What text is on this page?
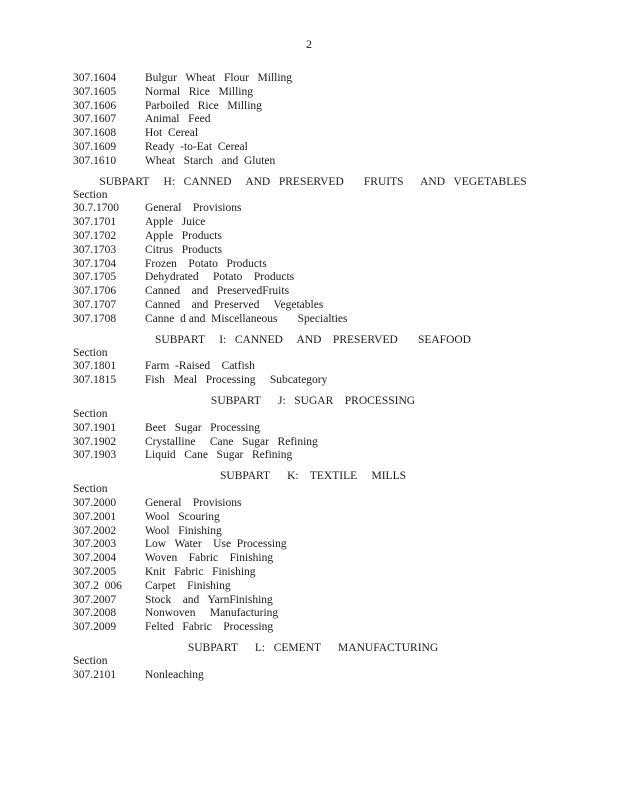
2
307.1604	Bulgur   Wheat   Flour   Milling
307.1605	Normal   Rice   Milling
307.1606	Parboiled   Rice   Milling
307.1607	Animal   Feed
307.1608	Hot  Cereal
307.1609	Ready  -to-Eat  Cereal
307.1610	Wheat   Starch   and  Gluten
SUBPART     H:   CANNED     AND   PRESERVED       FRUITS      AND   VEGETABLES
Section
30.7.1700 General    Provisions
307.1701	Apple   Juice
307.1702	Apple   Products
307.1703	Citrus   Products
307.1704	Frozen    Potato   Products
307.1705	Dehydrated     Potato    Products
307.1706	Canned    and   PreservedFruits
307.1707	Canned    and  Preserved     Vegetables
307.1708	Canne  d and  Miscellaneous       Specialties
SUBPART     I:   CANNED     AND    PRESERVED       SEAFOOD
Section
307.1801	Farm  -Raised    Catfish
307.1815	Fish   Meal   Processing     Subcategory
SUBPART      J:   SUGAR    PROCESSING
Section
307.1901	Beet   Sugar   Processing
307.1902	Crystalline     Cane   Sugar   Refining
307.1903	Liquid   Cane   Sugar   Refining
SUBPART      K:    TEXTILE     MILLS
Section
307.2000	General    Provisions
307.2001	Wool   Scouring
307.2002	Wool   Finishing
307.2003	Low   Water    Use  Processing
307.2004	Woven    Fabric    Finishing
307.2005	Knit   Fabric   Finishing
307.2  006 Carpet    Finishing
307.2007	Stock    and   YarnFinishing
307.2008	Nonwoven     Manufacturing
307.2009	Felted   Fabric    Processing
SUBPART      L:   CEMENT      MANUFACTURING
Section
307.2101	Nonleaching
